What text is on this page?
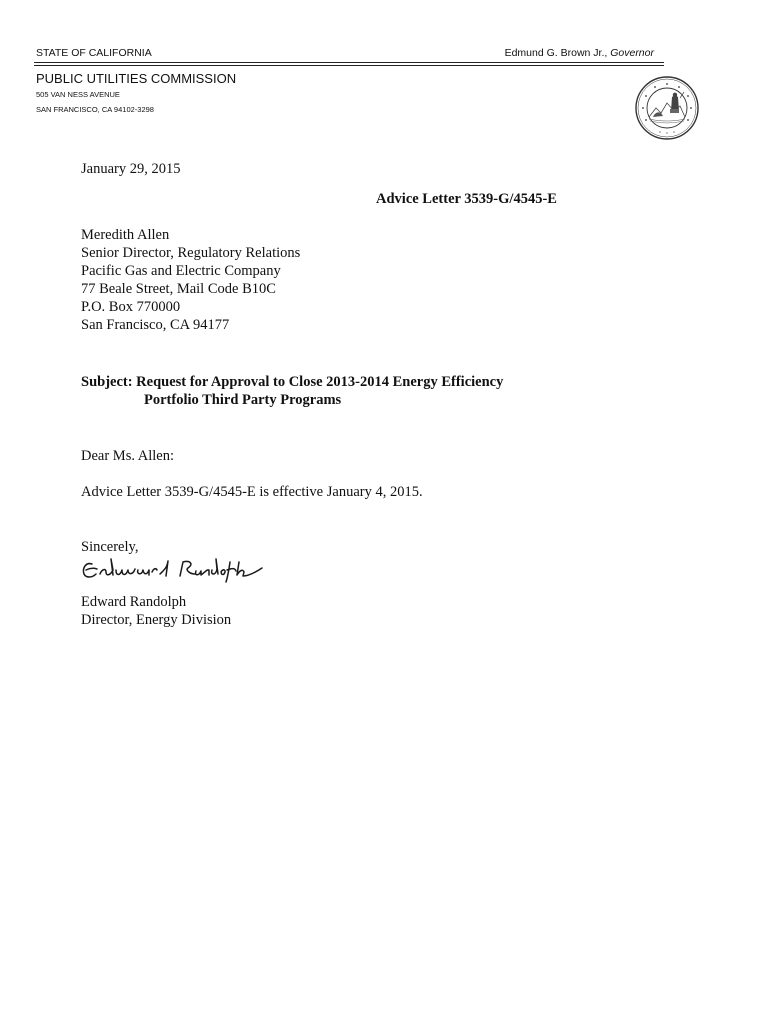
STATE OF CALIFORNIA	Edmund G. Brown Jr., Governor
PUBLIC UTILITIES COMMISSION
505 VAN NESS AVENUE
SAN FRANCISCO, CA 94102-3298
January 29, 2015
Advice Letter 3539-G/4545-E
Meredith Allen
Senior Director, Regulatory Relations
Pacific Gas and Electric Company
77 Beale Street, Mail Code B10C
P.O. Box 770000
San Francisco, CA 94177
Subject: Request for Approval to Close 2013-2014 Energy Efficiency
Portfolio Third Party Programs
Dear Ms. Allen:
Advice Letter 3539-G/4545-E is effective January 4, 2015.
Sincerely,
Edward Randolph
Director, Energy Division
